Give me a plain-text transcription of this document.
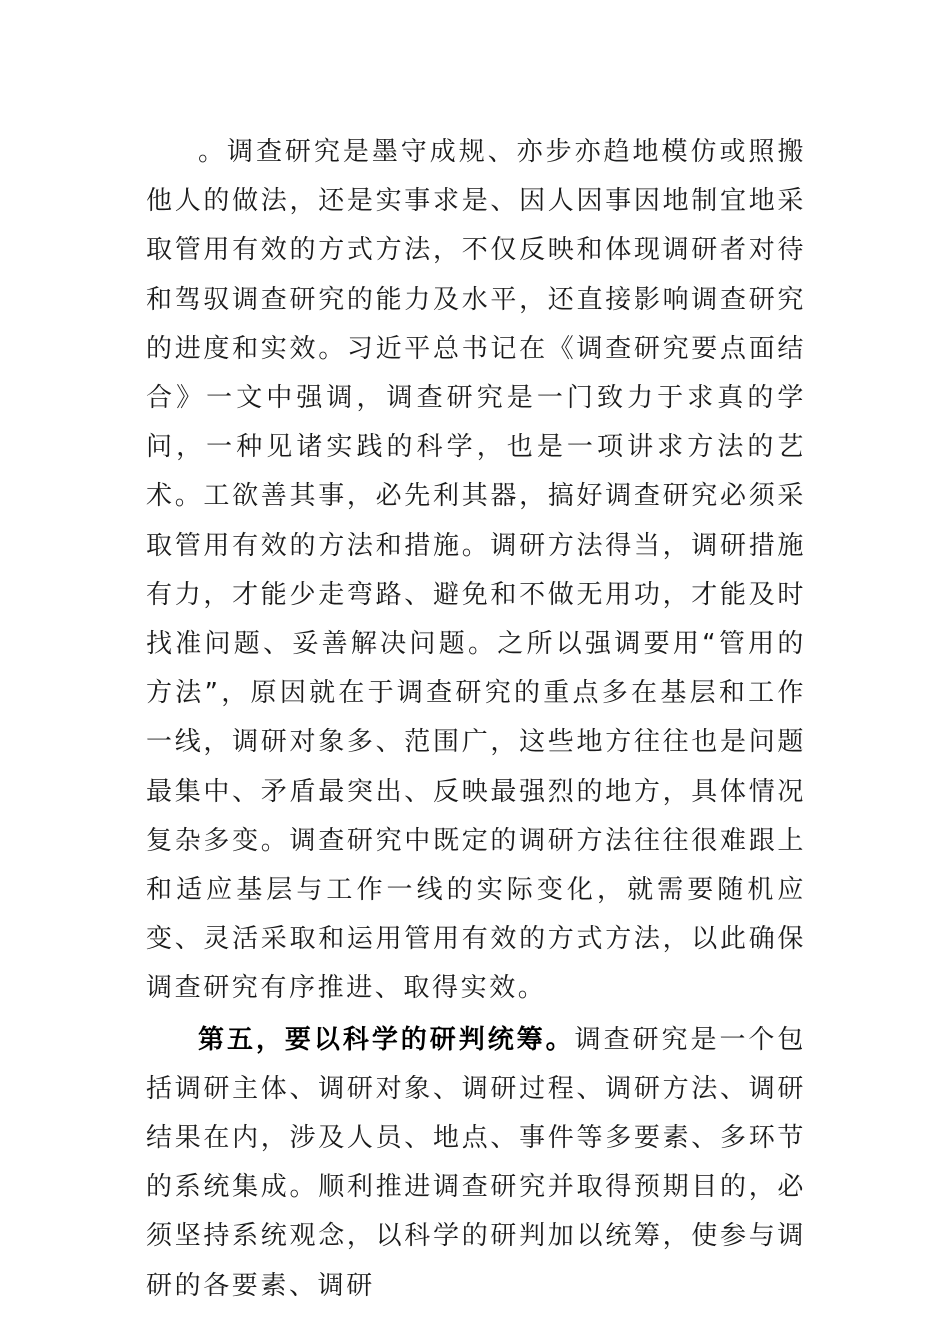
。调查研究是墨守成规、亦步亦趋地模仿或照搬他人的做法，还是实事求是、因人因事因地制宜地采取管用有效的方式方法，不仅反映和体现调研者对待和驾驭调查研究的能力及水平，还直接影响调查研究的进度和实效。习近平总书记在《调查研究要点面结合》一文中强调，调查研究是一门致力于求真的学问，一种见诸实践的科学，也是一项讲求方法的艺术。工欲善其事，必先利其器，搞好调查研究必须采取管用有效的方法和措施。调研方法得当，调研措施有力，才能少走弯路、避免和不做无用功，才能及时找准问题、妥善解决问题。之所以强调要用“管用的方法”，原因就在于调查研究的重点多在基层和工作一线，调研对象多、范围广，这些地方往往也是问题最集中、矛盾最突出、反映最强烈的地方，具体情况复杂多变。调查研究中既定的调研方法往往很难跟上和适应基层与工作一线的实际变化，就需要随机应变、灵活采取和运用管用有效的方式方法，以此确保调查研究有序推进、取得实效。

第五，要以科学的研判统筹。调查研究是一个包括调研主体、调研对象、调研过程、调研方法、调研结果在内，涉及人员、地点、事件等多要素、多环节的系统集成。顺利推进调查研究并取得预期目的，必须坚持系统观念，以科学的研判加以统筹，使参与调研的各要素、调研
